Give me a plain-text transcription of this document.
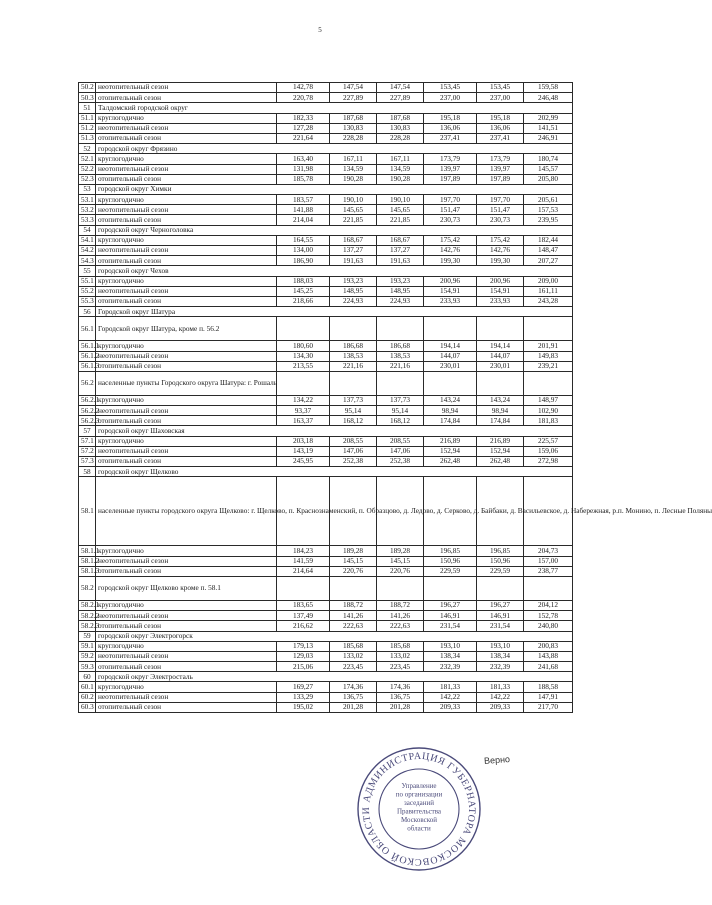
5
50.2	неотопительный сезон	142,78	147,54	147,54	153,45	153,45	159,58
50.3	отопительный сезон	220,78	227,89	227,89	237,00	237,00	246,48
51	Талдомский городской округ						
51.1	круглогодично	182,33	187,68	187,68	195,18	195,18	202,99
51.2	неотопительный сезон	127,28	130,83	130,83	136,06	136,06	141,51
51.3	отопительный сезон	221,64	228,28	228,28	237,41	237,41	246,91
52	городской округ Фрязино						
52.1	круглогодично	163,40	167,11	167,11	173,79	173,79	180,74
52.2	неотопительный сезон	131,98	134,59	134,59	139,97	139,97	145,57
52.3	отопительный сезон	185,78	190,28	190,28	197,89	197,89	205,80
53	городской округ Химки						
53.1	круглогодично	183,57	190,10	190,10	197,70	197,70	205,61
53.2	неотопительный сезон	141,88	145,65	145,65	151,47	151,47	157,53
53.3	отопительный сезон	214,04	221,85	221,85	230,73	230,73	239,95
54	городской округ Черноголовка						
54.1	круглогодично	164,55	168,67	168,67	175,42	175,42	182,44
54.2	неотопительный сезон	134,00	137,27	137,27	142,76	142,76	148,47
54.3	отопительный сезон	186,90	191,63	191,63	199,30	199,30	207,27
55	городской округ Чехов						
55.1	круглогодично	188,03	193,23	193,23	200,96	200,96	209,00
55.2	неотопительный сезон	145,25	148,95	148,95	154,91	154,91	161,11
55.3	отопительный сезон	218,66	224,93	224,93	233,93	233,93	243,28
56	Городской округ Шатура						
56.1	Городской округ Шатура, кроме п. 56.2						
56.1.1	круглогодично	180,60	186,68	186,68	194,14	194,14	201,91
56.1.2	неотопительный сезон	134,30	138,53	138,53	144,07	144,07	149,83
56.1.3	отопительный сезон	213,55	221,16	221,16	230,01	230,01	239,21
56.2	населенные пункты Городского округа Шатура: г. Рошаль						
56.2.1	круглогодично	134,22	137,73	137,73	143,24	143,24	148,97
56.2.2	неотопительный сезон	93,37	95,14	95,14	98,94	98,94	102,90
56.2.3	отопительный сезон	163,37	168,12	168,12	174,84	174,84	181,83
57	городской округ Шаховская						
57.1	круглогодично	203,18	208,55	208,55	216,89	216,89	225,57
57.2	неотопительный сезон	143,19	147,06	147,06	152,94	152,94	159,06
57.3	отопительный сезон	245,95	252,38	252,38	262,48	262,48	272,98
58	городской округ Щелково						
58.1	населенные пункты городского округа Щелково: г. Щелково, п. Краснознаменский, п. Образцово, д. Ледово, д. Серково, д. Байбаки, д. Васильевское, д. Набережная, р.п. Монино, п. Лесные Поляны						
58.1.1	круглогодично	184,23	189,28	189,28	196,85	196,85	204,73
58.1.2	неотопительный сезон	141,59	145,15	145,15	150,96	150,96	157,00
58.1.3	отопительный сезон	214,64	220,76	220,76	229,59	229,59	238,77
58.2	городской округ Щелково кроме п. 58.1						
58.2.1	круглогодично	183,65	188,72	188,72	196,27	196,27	204,12
58.2.2	неотопительный сезон	137,49	141,26	141,26	146,91	146,91	152,78
58.2.3	отопительный сезон	216,62	222,63	222,63	231,54	231,54	240,80
59	городской округ Электрогорск						
59.1	круглогодично	179,13	185,68	185,68	193,10	193,10	200,83
59.2	неотопительный сезон	129,03	133,02	133,02	138,34	138,34	143,88
59.3	отопительный сезон	215,06	223,45	223,45	232,39	232,39	241,68
60	городской округ Электросталь						
60.1	круглогодично	169,27	174,36	174,36	181,33	181,33	188,58
60.2	неотопительный сезон	133,29	136,75	136,75	142,22	142,22	147,91
60.3	отопительный сезон	195,02	201,28	201,28	209,33	209,33	217,70
АДМИНИСТРАЦИЯ ГУБЕРНАТОРА МОСКОВСКОЙ ОБЛАСТИ
Управление
по организации
заседаний
Правительства
Московской
области
Верно
